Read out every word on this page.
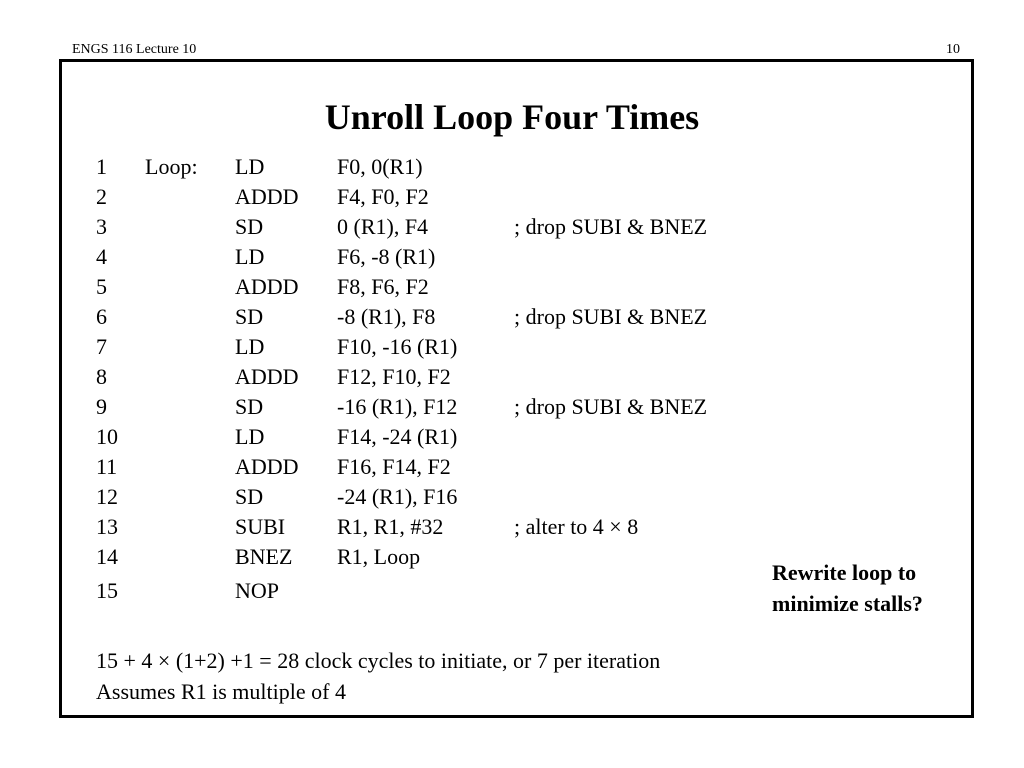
ENGS 116 Lecture 10	10
Unroll Loop Four Times
1 Loop: LD	F0, 0(R1)
2	ADDD F4, F0, F2
3	SD	0 (R1), F4	; drop SUBI & BNEZ
4	LD	F6, -8 (R1)
5	ADDD F8, F6, F2
6	SD	-8 (R1), F8	; drop SUBI & BNEZ
7	LD	F10, -16 (R1)
8	ADDD F12, F10, F2
9	SD	-16 (R1), F12	; drop SUBI & BNEZ
10	LD	F14, -24 (R1)
11	ADDD F16, F14, F2
12	SD	-24 (R1), F16
13	SUBI R1, R1, #32	; alter to 4 × 8
14	BNEZ R1, Loop
15	NOP
Rewrite loop to
minimize stalls?
15 + 4 × (1+2) +1 = 28 clock cycles to initiate, or 7 per iteration
Assumes R1 is multiple of 4
